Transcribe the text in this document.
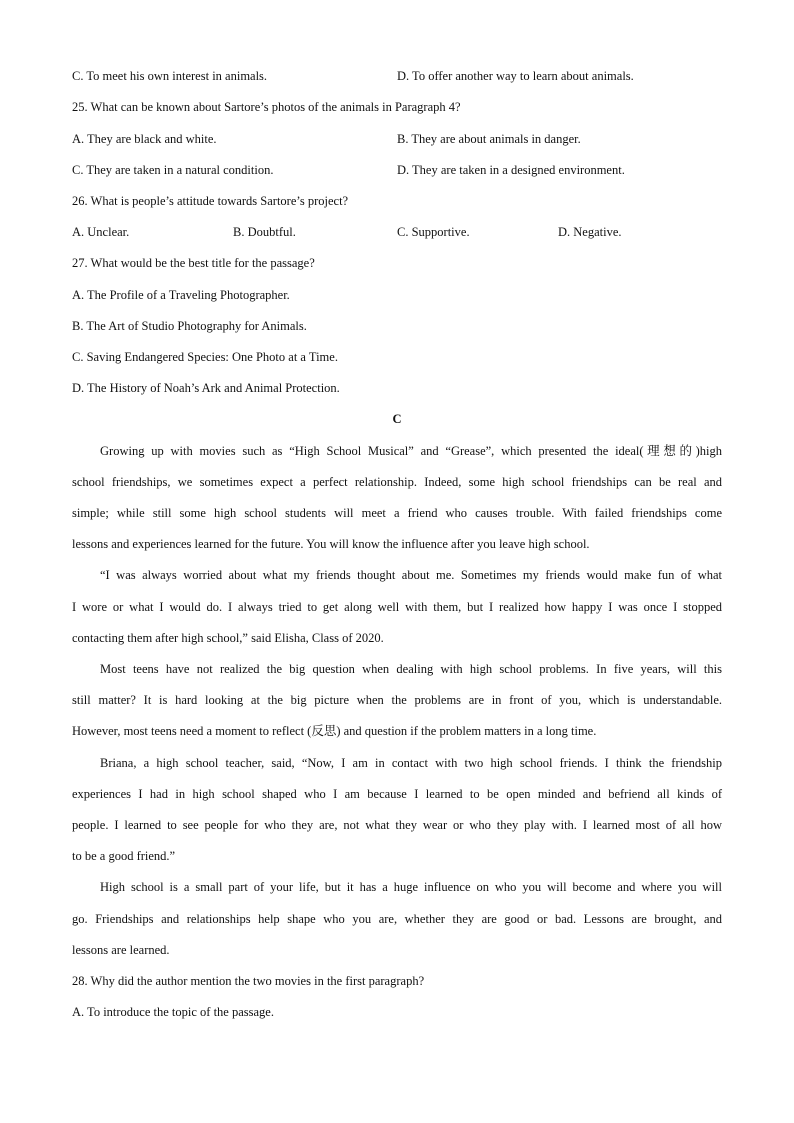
C. To meet his own interest in animals.	D. To offer another way to learn about animals.
25. What can be known about Sartore’s photos of the animals in Paragraph 4?
A. They are black and white.	B. They are about animals in danger.
C. They are taken in a natural condition.	D. They are taken in a designed environment.
26. What is people’s attitude towards Sartore’s project?
A. Unclear.	B. Doubtful.	C. Supportive.	D. Negative.
27. What would be the best title for the passage?
A. The Profile of a Traveling Photographer.
B. The Art of Studio Photography for Animals.
C. Saving Endangered Species: One Photo at a Time.
D. The History of Noah’s Ark and Animal Protection.
C
Growing up with movies such as “High School Musical” and “Grease”, which presented the ideal(理想的)high
school friendships, we sometimes expect a perfect relationship. Indeed, some high school friendships can be real and
simple; while still some high school students will meet a friend who causes trouble. With failed friendships come
lessons and experiences learned for the future. You will know the influence after you leave high school.
“I was always worried about what my friends thought about me. Sometimes my friends would make fun of what
I wore or what I would do. I always tried to get along well with them, but I realized how happy I was once I stopped
contacting them after high school,” said Elisha, Class of 2020.
Most teens have not realized the big question when dealing with high school problems. In five years, will this
still matter? It is hard looking at the big picture when the problems are in front of you, which is understandable.
However, most teens need a moment to reflect (反思) and question if the problem matters in a long time.
Briana, a high school teacher, said, “Now, I am in contact with two high school friends. I think the friendship
experiences I had in high school shaped who I am because I learned to be open minded and befriend all kinds of
people. I learned to see people for who they are, not what they wear or who they play with. I learned most of all how
to be a good friend.”
High school is a small part of your life, but it has a huge influence on who you will become and where you will
go. Friendships and relationships help shape who you are, whether they are good or bad. Lessons are brought, and
lessons are learned.
28. Why did the author mention the two movies in the first paragraph?
A. To introduce the topic of the passage.
